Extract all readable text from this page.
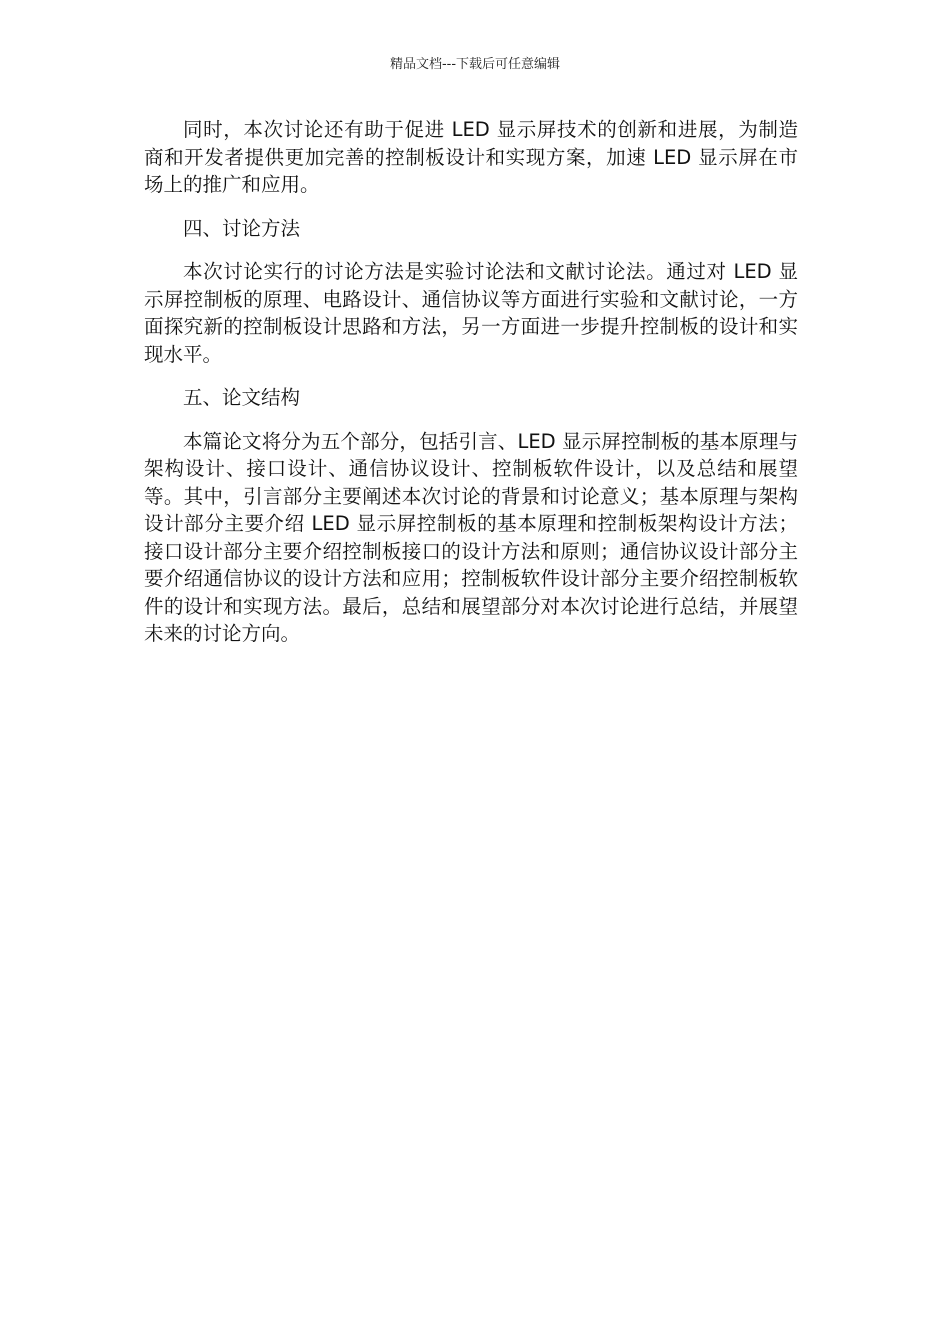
精品文档---下载后可任意编辑

同时，本次讨论还有助于促进 LED 显示屏技术的创新和进展，为制造商和开发者提供更加完善的控制板设计和实现方案，加速 LED 显示屏在市场上的推广和应用。

四、讨论方法

本次讨论实行的讨论方法是实验讨论法和文献讨论法。通过对 LED 显示屏控制板的原理、电路设计、通信协议等方面进行实验和文献讨论，一方面探究新的控制板设计思路和方法，另一方面进一步提升控制板的设计和实现水平。

五、论文结构

本篇论文将分为五个部分，包括引言、LED 显示屏控制板的基本原理与架构设计、接口设计、通信协议设计、控制板软件设计，以及总结和展望等。其中，引言部分主要阐述本次讨论的背景和讨论意义；基本原理与架构设计部分主要介绍 LED 显示屏控制板的基本原理和控制板架构设计方法；接口设计部分主要介绍控制板接口的设计方法和原则；通信协议设计部分主要介绍通信协议的设计方法和应用；控制板软件设计部分主要介绍控制板软件的设计和实现方法。最后，总结和展望部分对本次讨论进行总结，并展望未来的讨论方向。
